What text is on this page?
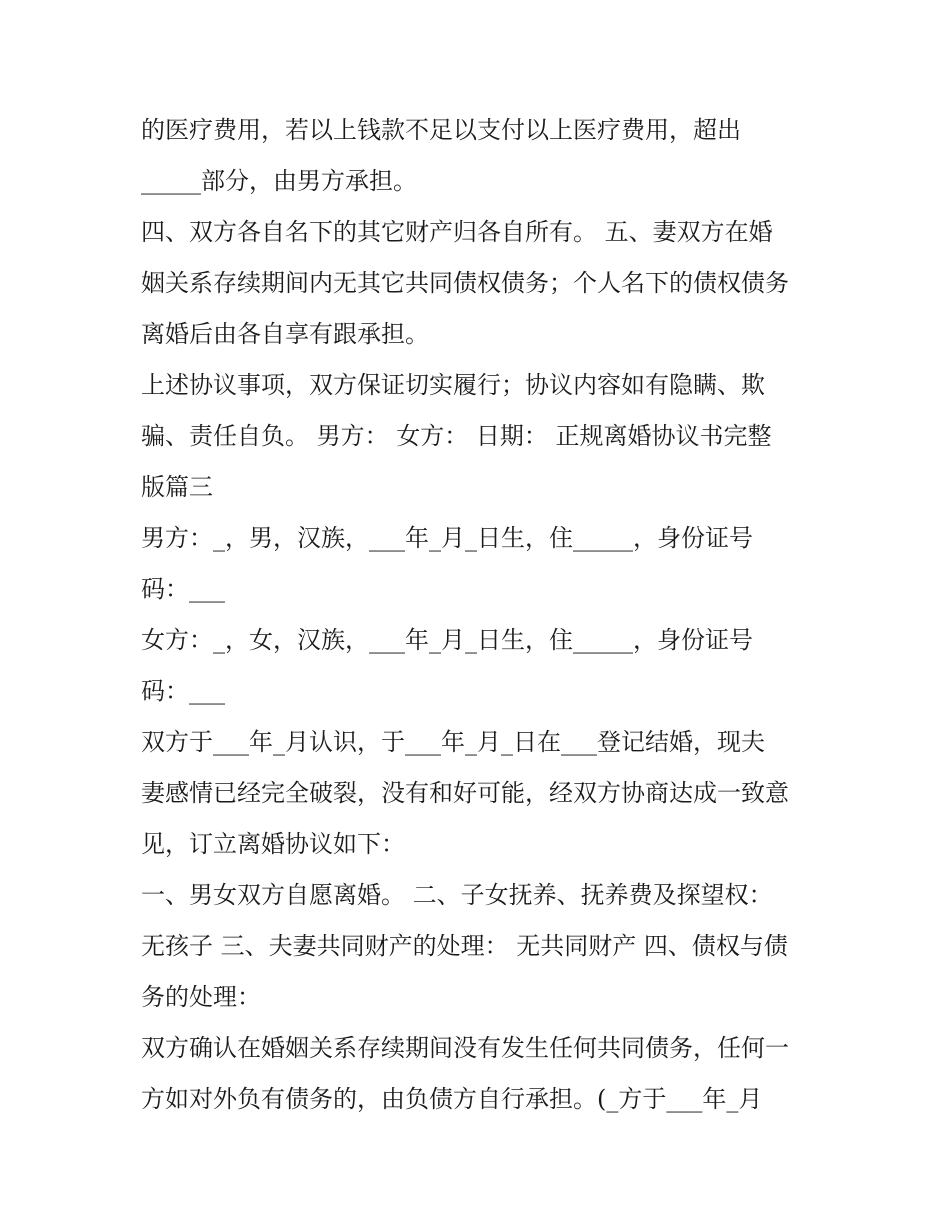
的医疗费用，若以上钱款不足以支付以上医疗费用，超出
_____部分，由男方承担。
四、双方各自名下的其它财产归各自所有。 五、妻双方在婚
姻关系存续期间内无其它共同债权债务；个人名下的债权债务
离婚后由各自享有跟承担。
上述协议事项，双方保证切实履行；协议内容如有隐瞒、欺
骗、责任自负。 男方： 女方： 日期： 正规离婚协议书完整
版篇三
男方：_，男，汉族，___年_月_日生，住_____，身份证号
码：___
女方：_，女，汉族，___年_月_日生，住_____，身份证号
码：___
双方于___年_月认识，于___年_月_日在___登记结婚，现夫
妻感情已经完全破裂，没有和好可能，经双方协商达成一致意
见，订立离婚协议如下：
一、男女双方自愿离婚。 二、子女抚养、抚养费及探望权：
无孩子 三、夫妻共同财产的处理： 无共同财产 四、债权与债
务的处理：
双方确认在婚姻关系存续期间没有发生任何共同债务，任何一
方如对外负有债务的，由负债方自行承担。(_方于___年_月
